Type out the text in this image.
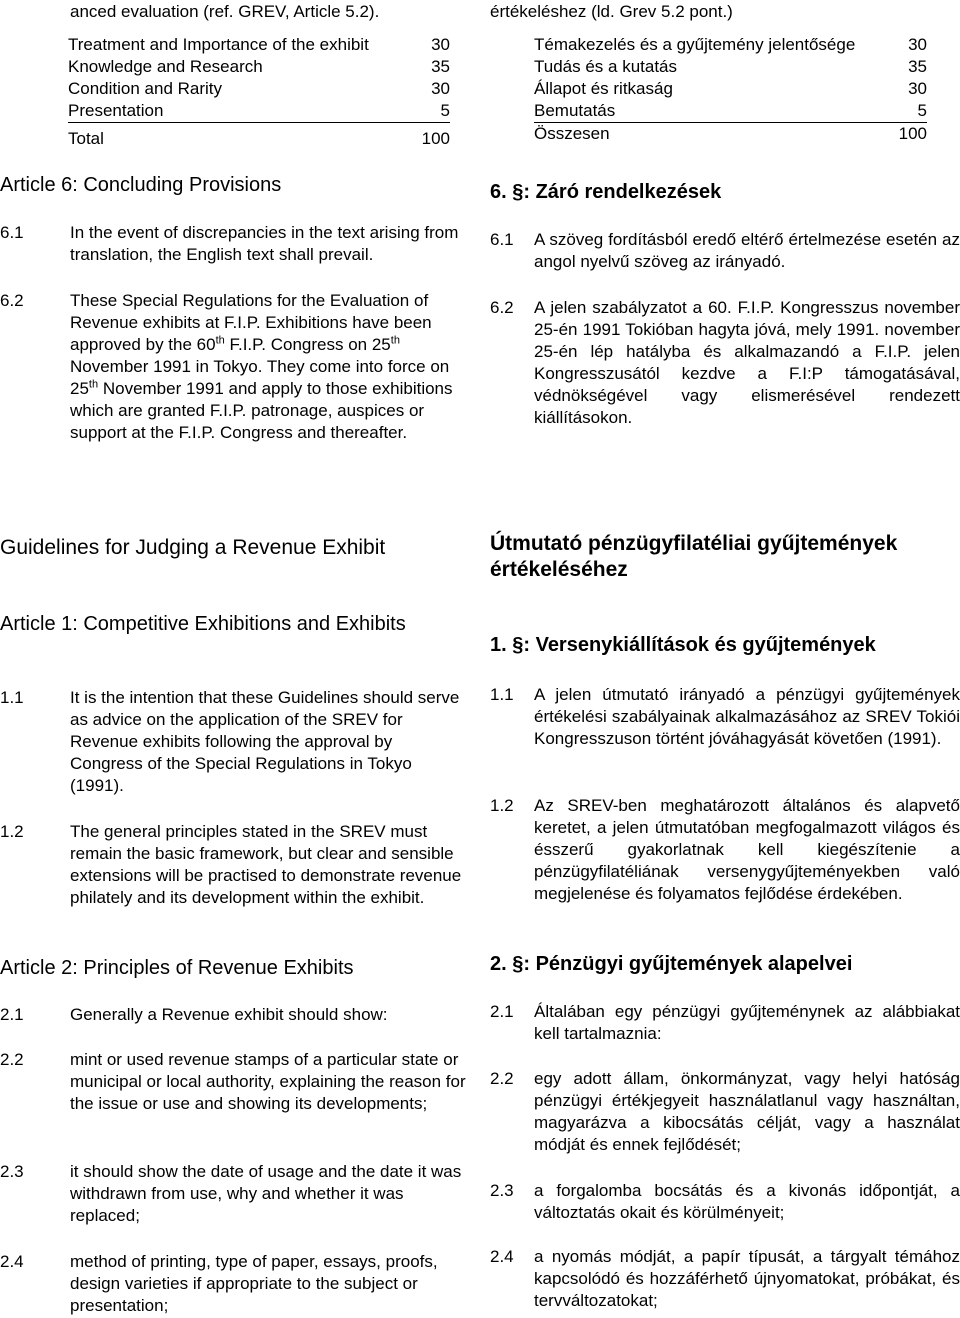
anced evaluation (ref. GREV, Article 5.2).
Treatment and Importance of the exhibit	30
Knowledge and Research	35
Condition and Rarity	30
Presentation	5
Total	100
Article 6: Concluding Provisions
6.1	In the event of discrepancies in the text arising from translation, the English text shall prevail.
6.2	These Special Regulations for the Evaluation of Revenue exhibits at F.I.P. Exhibitions have been approved by the 60th F.I.P. Congress on 25th November 1991 in Tokyo. They come into force on 25th November 1991 and apply to those exhibitions which are granted F.I.P. patronage, auspices or support at the F.I.P. Congress and thereafter.
Guidelines for Judging a Revenue Exhibit
Article 1: Competitive Exhibitions and Exhibits
1.1	It is the intention that these Guidelines should serve as advice on the application of the SREV for Revenue exhibits following the approval by Congress of the Special Regulations in Tokyo (1991).
1.2	The general principles stated in the SREV must remain the basic framework, but clear and sensible extensions will be practised to demonstrate revenue philately and its development within the exhibit.
Article 2: Principles of Revenue Exhibits
2.1	Generally a Revenue exhibit should show:
2.2	mint or used revenue stamps of a particular state or municipal or local authority, explaining the reason for the issue or use and showing its developments;
2.3	it should show the date of usage and the date it was withdrawn from use, why and whether it was replaced;
2.4	method of printing, type of paper, essays, proofs, design varieties if appropriate to the subject or presentation;
értékeléshez (ld. Grev 5.2 pont.)
Témakezelés és a gyűjtemény jelentősége	30
Tudás és a kutatás	35
Állapot és ritkaság	30
Bemutatás	5
Összesen	100
6. §: Záró rendelkezések
6.1 A szöveg fordításból eredő eltérő értelmezése esetén az angol nyelvű szöveg az irányadó.
6.2 A jelen szabályzatot a 60. F.I.P. Kongresszus november 25-én 1991 Tokióban hagyta jóvá, mely 1991. november 25-én lép hatályba és alkalmazandó a F.I.P. jelen Kongresszusától kezdve a F.I:P támogatásával, védnökségével vagy elismerésével rendezett kiállításokon.
Útmutató pénzügyfilatéliai gyűjtemények értékeléséhez
1. §: Versenykiállítások és gyűjtemények
1.1 A jelen útmutató irányadó a pénzügyi gyűjtemények értékelési szabályainak alkalmazásához az SREV Tokiói Kongresszuson történt jóváhagyását követően (1991).
1.2 Az SREV-ben meghatározott általános és alapvető keretet, a jelen útmutatóban megfogalmazott világos és ésszerű gyakorlatnak kell kiegészítenie a pénzügyfilatéliának versenygyűjteményekben való megjelenése és folyamatos fejlődése érdekében.
2. §: Pénzügyi gyűjtemények alapelvei
2.1 Általában egy pénzügyi gyűjteménynek az alábbiakat kell tartalmaznia:
2.2 egy adott állam, önkormányzat, vagy helyi hatóság pénzügyi értékjegyeit használatlanul vagy használtan, magyarázva a kibocsátás célját, vagy a használat módját és ennek fejlődését;
2.3 a forgalomba bocsátás és a kivonás időpontját, a változtatás okait és körülményeit;
2.4 a nyomás módját, a papír típusát, a tárgyalt témához kapcsolódó és hozzáférhető újnyomatokat, próbákat, és tervváltozatokat;
